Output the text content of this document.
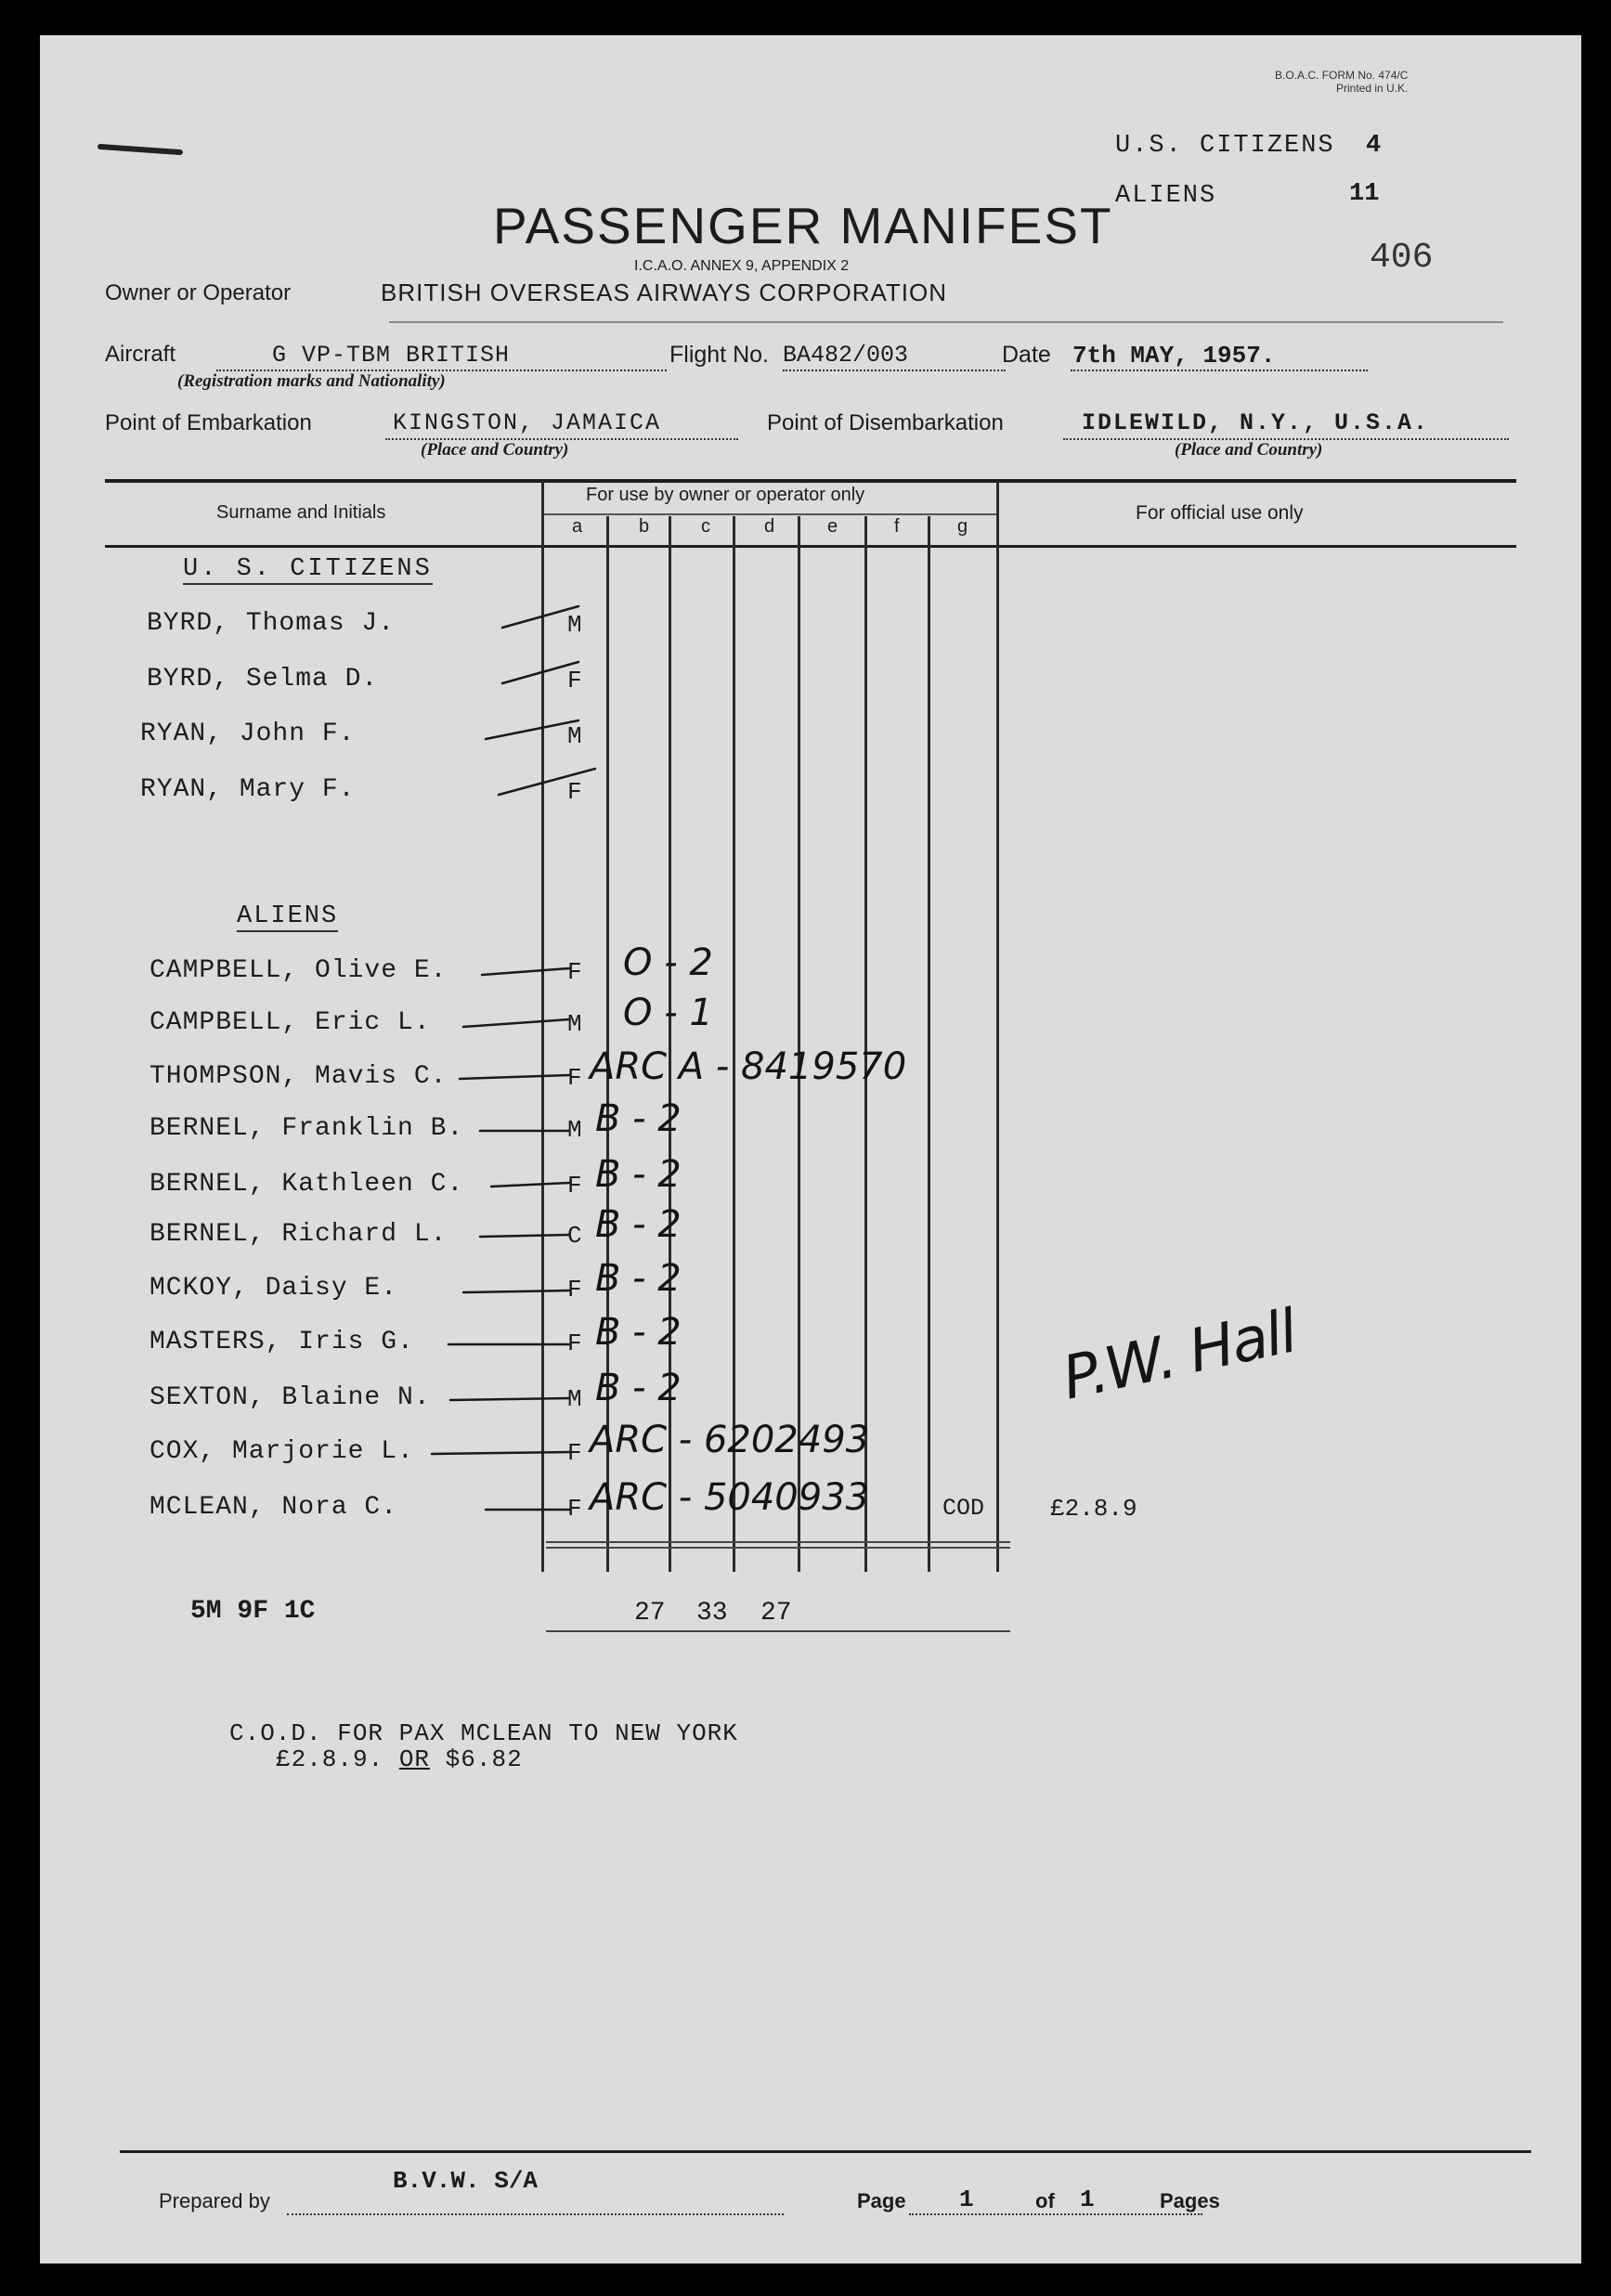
B.O.A.C. FORM No. 474/C
Printed in U.K.
U.S. CITIZENS 4
ALIENS	11
406
PASSENGER MANIFEST
I.C.A.O. ANNEX 9, APPENDIX 2
Owner or Operator	BRITISH OVERSEAS AIRWAYS CORPORATION
Aircraft	G VP-TBM BRITISH
(Registration marks and Nationality)
Flight No. BA482/003	Date 7th MAY, 1957.
Point of Embarkation	KINGSTON, JAMAICA
(Place and Country)
Point of Disembarkation	IDLEWILD, N.Y., U.S.A.
(Place and Country)
Surname and Initials
For use by owner or operator only
For official use only
a	b	c	d	e	f	g
U. S. CITIZENS
BYRD, Thomas J.	M
BYRD, Selma D.	F
RYAN, John F.	M
RYAN, Mary F.	F
ALIENS
CAMPBELL, Olive E.	F O - 2
CAMPBELL, Eric L.	M O - 1
THOMPSON, Mavis C.	F ARC A - 8419570
BERNEL, Franklin B.	M B - 2
BERNEL, Kathleen C.	F B - 2
BERNEL, Richard L.	C B - 2
MCKOY, Daisy E.	F B - 2
MASTERS, Iris G.	F B - 2
SEXTON, Blaine N.	M B - 2
COX, Marjorie L.	F ARC - 6202493
MCLEAN, Nora C.	F ARC - 5040933	COD	£2.8.9
P.W. Hall
5M 9F 1C	27 33 27
C.O.D. FOR PAX MCLEAN TO NEW YORK
£2.8.9. OR $6.82
Prepared by
B.V.W. S/A
Page 1	of 1	Pages
